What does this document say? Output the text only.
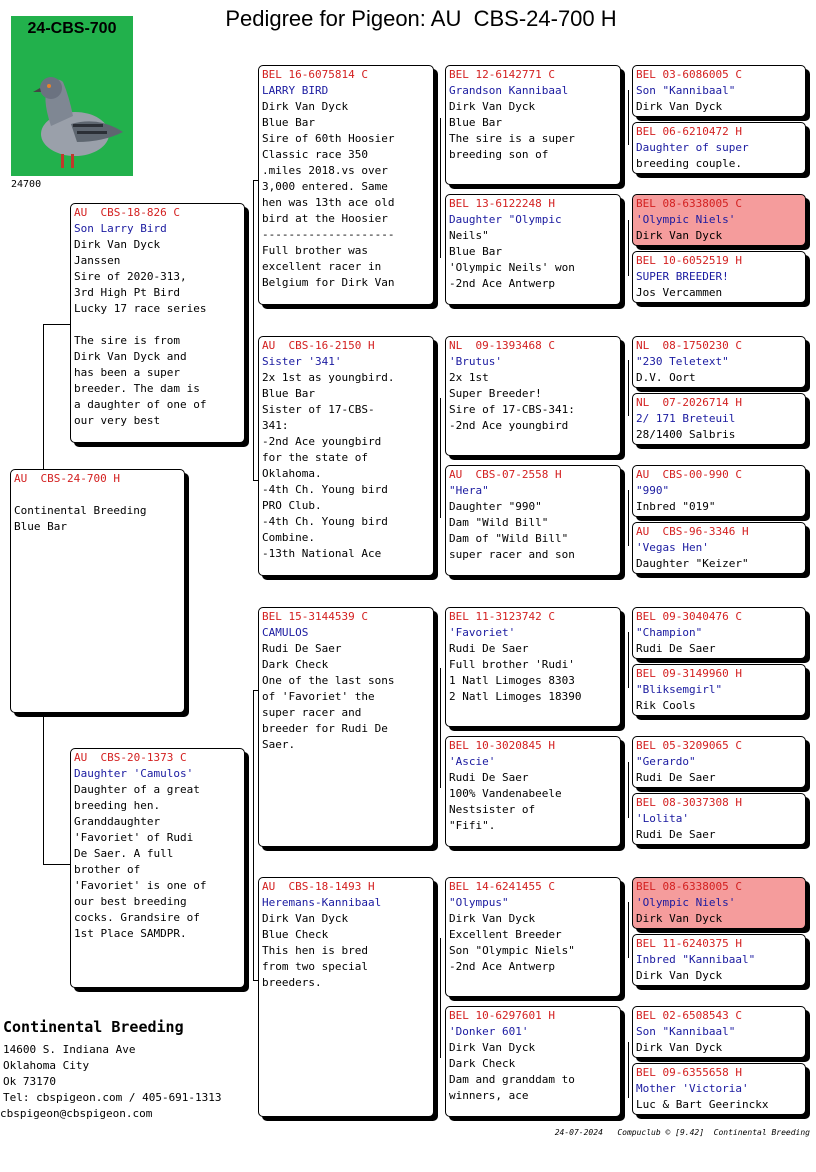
Pedigree for Pigeon: AU  CBS-24-700 H
24-CBS-700
24700
AU  CBS-24-700 H

Continental Breeding
Blue Bar
AU  CBS-18-826 C
Son Larry Bird
Dirk Van Dyck
Janssen
Sire of 2020-313,
3rd High Pt Bird
Lucky 17 race series

The sire is from
Dirk Van Dyck and
has been a super
breeder. The dam is
a daughter of one of
our very best
AU  CBS-20-1373 C
Daughter 'Camulos'
Daughter of a great
breeding hen.
Granddaughter
'Favoriet' of Rudi
De Saer. A full
brother of
'Favoriet' is one of
our best breeding
cocks. Grandsire of
1st Place SAMDPR.
BEL 16-6075814 C
LARRY BIRD
Dirk Van Dyck
Blue Bar
Sire of 60th Hoosier
Classic race 350
.miles 2018.vs over
3,000 entered. Same
hen was 13th ace old
bird at the Hoosier
--------------------
Full brother was
excellent racer in
Belgium for Dirk Van
AU  CBS-16-2150 H
Sister '341'
2x 1st as youngbird.
Blue Bar
Sister of 17-CBS-
341:
-2nd Ace youngbird
for the state of
Oklahoma.
-4th Ch. Young bird
PRO Club.
-4th Ch. Young bird
Combine.
-13th National Ace
BEL 15-3144539 C
CAMULOS
Rudi De Saer
Dark Check
One of the last sons
of 'Favoriet' the
super racer and
breeder for Rudi De
Saer.
AU  CBS-18-1493 H
Heremans-Kannibaal
Dirk Van Dyck
Blue Check
This hen is bred
from two special
breeders.
BEL 12-6142771 C
Grandson Kannibaal
Dirk Van Dyck
Blue Bar
The sire is a super
breeding son of
BEL 13-6122248 H
Daughter "Olympic
Neils"
Blue Bar
'Olympic Neils' won
-2nd Ace Antwerp
NL  09-1393468 C
'Brutus'
2x 1st
Super Breeder!
Sire of 17-CBS-341:
-2nd Ace youngbird
AU  CBS-07-2558 H
"Hera"
Daughter "990"
Dam "Wild Bill"
Dam of "Wild Bill"
super racer and son
BEL 11-3123742 C
'Favoriet'
Rudi De Saer
Full brother 'Rudi'
1 Natl Limoges 8303
2 Natl Limoges 18390
BEL 10-3020845 H
'Ascie'
Rudi De Saer
100% Vandenabeele
Nestsister of
"Fifi".
BEL 14-6241455 C
"Olympus"
Dirk Van Dyck
Excellent Breeder
Son "Olympic Niels"
-2nd Ace Antwerp
BEL 10-6297601 H
'Donker 601'
Dirk Van Dyck
Dark Check
Dam and granddam to
winners, ace
BEL 03-6086005 C
Son "Kannibaal"
Dirk Van Dyck
BEL 06-6210472 H
Daughter of super
breeding couple.
BEL 08-6338005 C
'Olympic Niels'
Dirk Van Dyck
BEL 10-6052519 H
SUPER BREEDER!
Jos Vercammen
NL  08-1750230 C
"230 Teletext"
D.V. Oort
NL  07-2026714 H
2/ 171 Breteuil
28/1400 Salbris
AU  CBS-00-990 C
"990"
Inbred "019"
AU  CBS-96-3346 H
'Vegas Hen'
Daughter "Keizer"
BEL 09-3040476 C
"Champion"
Rudi De Saer
BEL 09-3149960 H
"Bliksemgirl"
Rik Cools
BEL 05-3209065 C
"Gerardo"
Rudi De Saer
BEL 08-3037308 H
'Lolita'
Rudi De Saer
BEL 08-6338005 C
'Olympic Niels'
Dirk Van Dyck
BEL 11-6240375 H
Inbred "Kannibaal"
Dirk Van Dyck
BEL 02-6508543 C
Son "Kannibaal"
Dirk Van Dyck
BEL 09-6355658 H
Mother 'Victoria'
Luc & Bart Geerinckx
Continental Breeding
14600 S. Indiana Ave
Oklahoma City
Ok 73170
Tel: cbspigeon.com / 405-691-1313
cbspigeon@cbspigeon.com
24-07-2024   Compuclub © [9.42]  Continental Breeding
